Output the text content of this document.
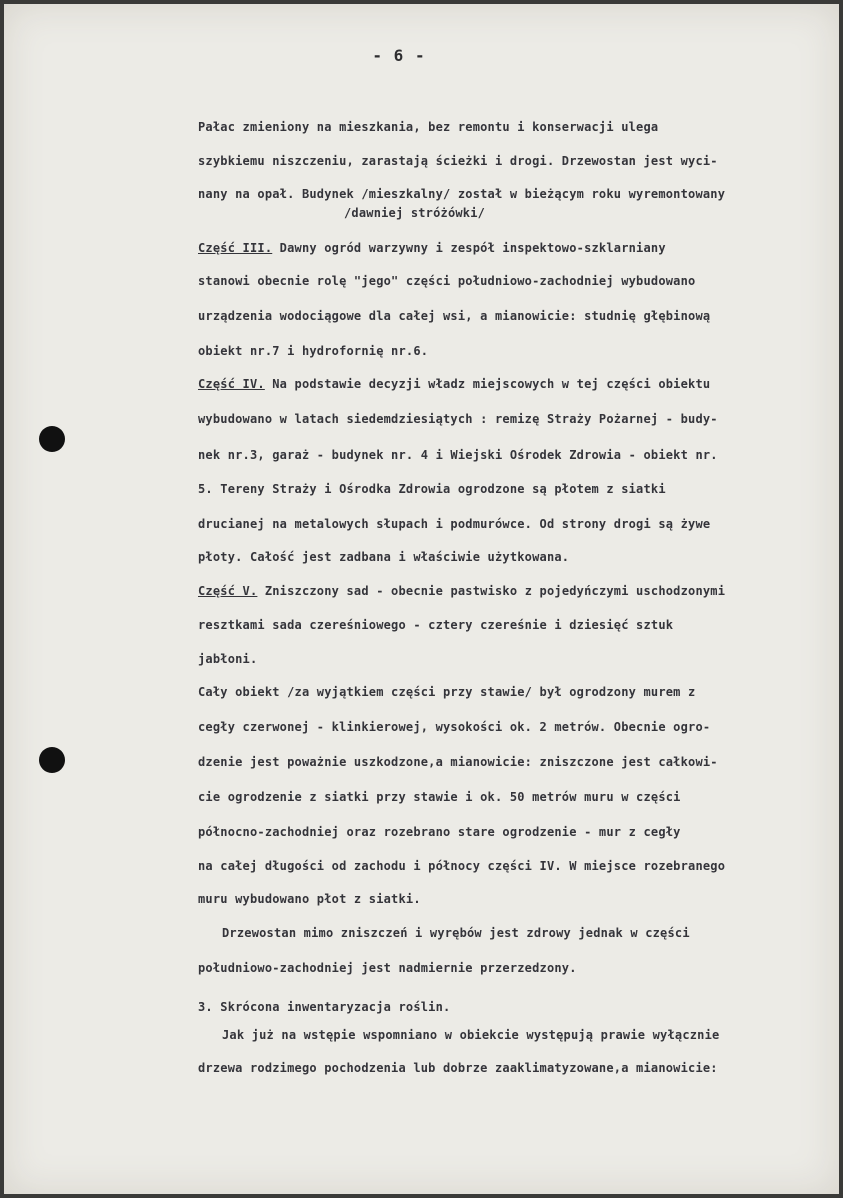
- 6 -
Pałac zmieniony na mieszkania, bez remontu i konserwacji ulega
szybkiemu niszczeniu, zarastają ścieżki i drogi. Drzewostan jest wyci-
nany na opał. Budynek /mieszkalny/ został w bieżącym roku wyremontowany
/dawniej stróżówki/
Część III. Dawny ogród warzywny i zespół inspektowo-szklarniany
stanowi obecnie rolę "jego" części południowo-zachodniej wybudowano
urządzenia wodociągowe dla całej wsi, a mianowicie: studnię głębinową
obiekt nr.7 i hydrofornię nr.6.
Część IV. Na podstawie decyzji władz miejscowych w tej części obiektu
wybudowano w latach siedemdziesiątych : remizę Straży Pożarnej - budy-
nek nr.3, garaż - budynek nr. 4 i Wiejski Ośrodek Zdrowia - obiekt nr.
5. Tereny Straży i Ośrodka Zdrowia ogrodzone są płotem z siatki
drucianej na metalowych słupach i podmurówce. Od strony drogi są żywe
płoty. Całość jest zadbana i właściwie użytkowana.
Część V. Zniszczony sad - obecnie pastwisko z pojedyńczymi uschodzonymi
resztkami sada czereśniowego - cztery czereśnie i dziesięć sztuk
jabłoni.
Cały obiekt /za wyjątkiem części przy stawie/ był ogrodzony murem z
cegły czerwonej - klinkierowej, wysokości ok. 2 metrów. Obecnie ogro-
dzenie jest poważnie uszkodzone,a mianowicie: zniszczone jest całkowi-
cie ogrodzenie z siatki przy stawie i ok. 50 metrów muru w części
północno-zachodniej oraz rozebrano stare ogrodzenie - mur z cegły
na całej długości od zachodu i północy części IV. W miejsce rozebranego
muru wybudowano płot z siatki.
Drzewostan mimo zniszczeń i wyrębów jest zdrowy jednak w części
południowo-zachodniej jest nadmiernie przerzedzony.
3. Skrócona inwentaryzacja roślin.
Jak już na wstępie wspomniano w obiekcie występują prawie wyłącznie
drzewa rodzimego pochodzenia lub dobrze zaaklimatyzowane,a mianowicie:
